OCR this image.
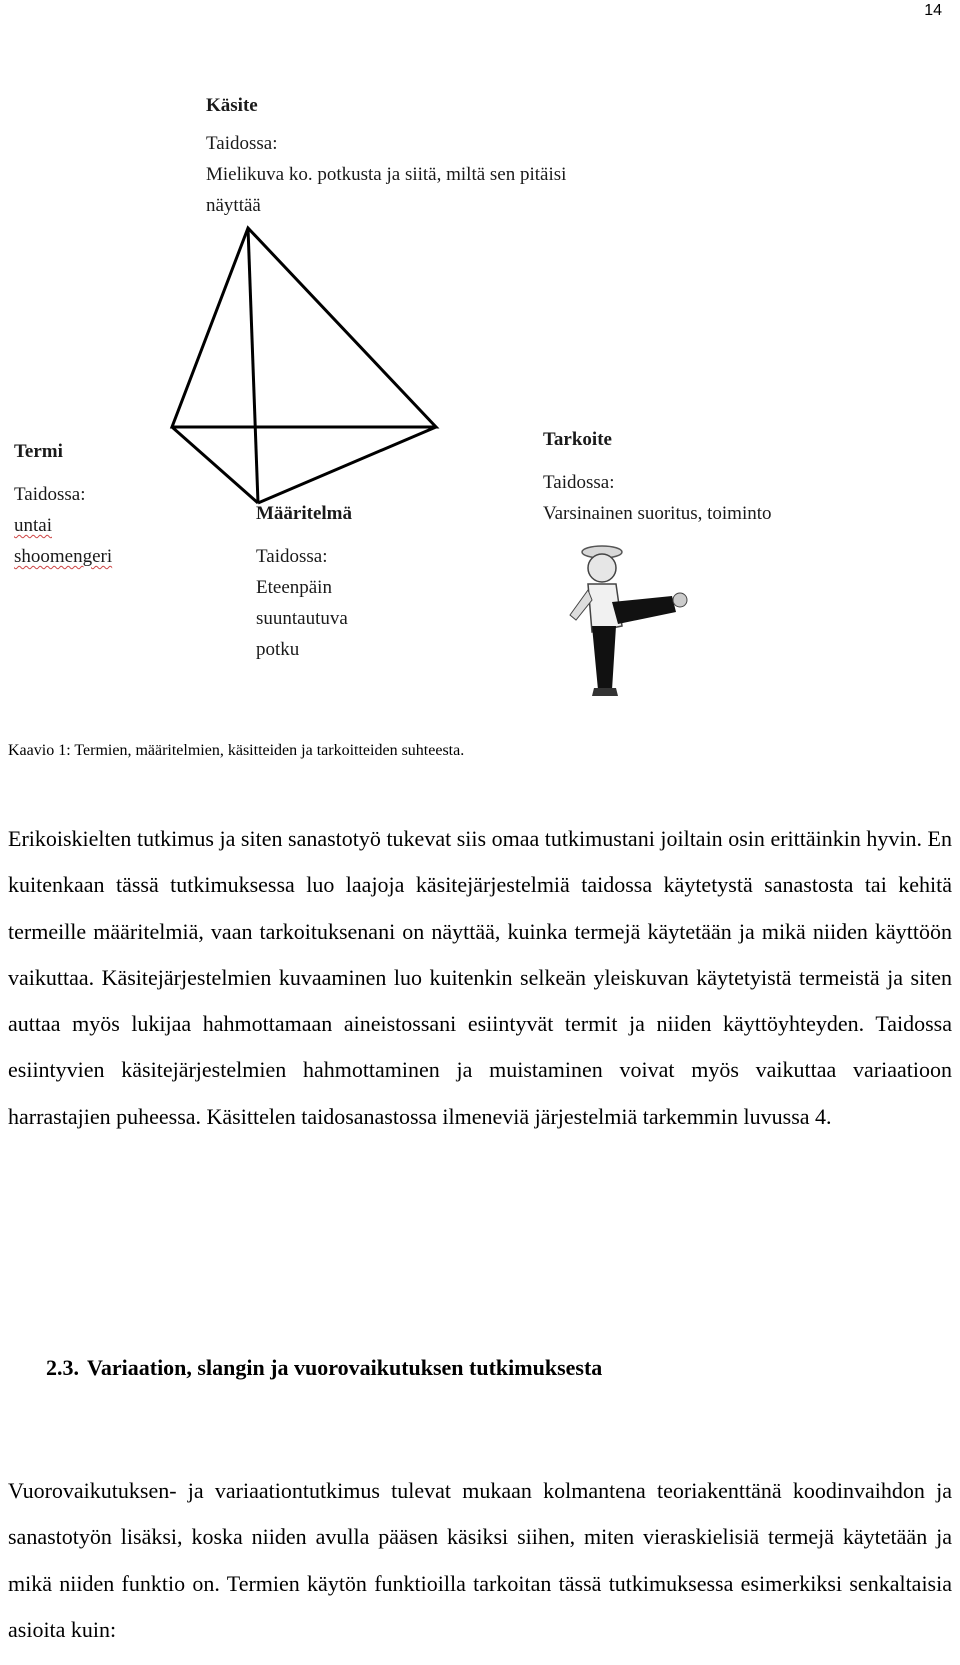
14
Käsite
Taidossa:
Mielikuva ko. potkusta ja siitä, miltä sen pitäisi
näyttää
Termi
Taidossa:
untai
shoomengeri
Määritelmä
Taidossa:
Eteenpäin
suuntautuva
potku
Tarkoite
Taidossa:
Varsinainen suoritus, toiminto
Kaavio 1: Termien, määritelmien, käsitteiden ja tarkoitteiden suhteesta.

Erikoiskielten tutkimus ja siten sanastotyö tukevat siis omaa tutkimustani joiltain osin erittäinkin hyvin. En kuitenkaan tässä tutkimuksessa luo laajoja käsitejärjestelmiä taidossa käytetystä sanastosta tai kehitä termeille määritelmiä, vaan tarkoituksenani on näyttää, kuinka termejä käytetään ja mikä niiden käyttöön vaikuttaa. Käsitejärjestelmien kuvaaminen luo kuitenkin selkeän yleiskuvan käytetyistä termeistä ja siten auttaa myös lukijaa hahmottamaan aineistossani esiintyvät termit ja niiden käyttöyhteyden. Taidossa esiintyvien käsitejärjestelmien hahmottaminen ja muistaminen voivat myös vaikuttaa variaatioon harrastajien puheessa. Käsittelen taidosanastossa ilmeneviä järjestelmiä tarkemmin luvussa 4.

2.3. Variaation, slangin ja vuorovaikutuksen tutkimuksesta

Vuorovaikutuksen- ja variaationtutkimus tulevat mukaan kolmantena teoriakenttänä koodinvaihdon ja sanastotyön lisäksi, koska niiden avulla pääsen käsiksi siihen, miten vieraskielisiä termejä käytetään ja mikä niiden funktio on. Termien käytön funktioilla tarkoitan tässä tutkimuksessa esimerkiksi senkaltaisia asioita kuin:
